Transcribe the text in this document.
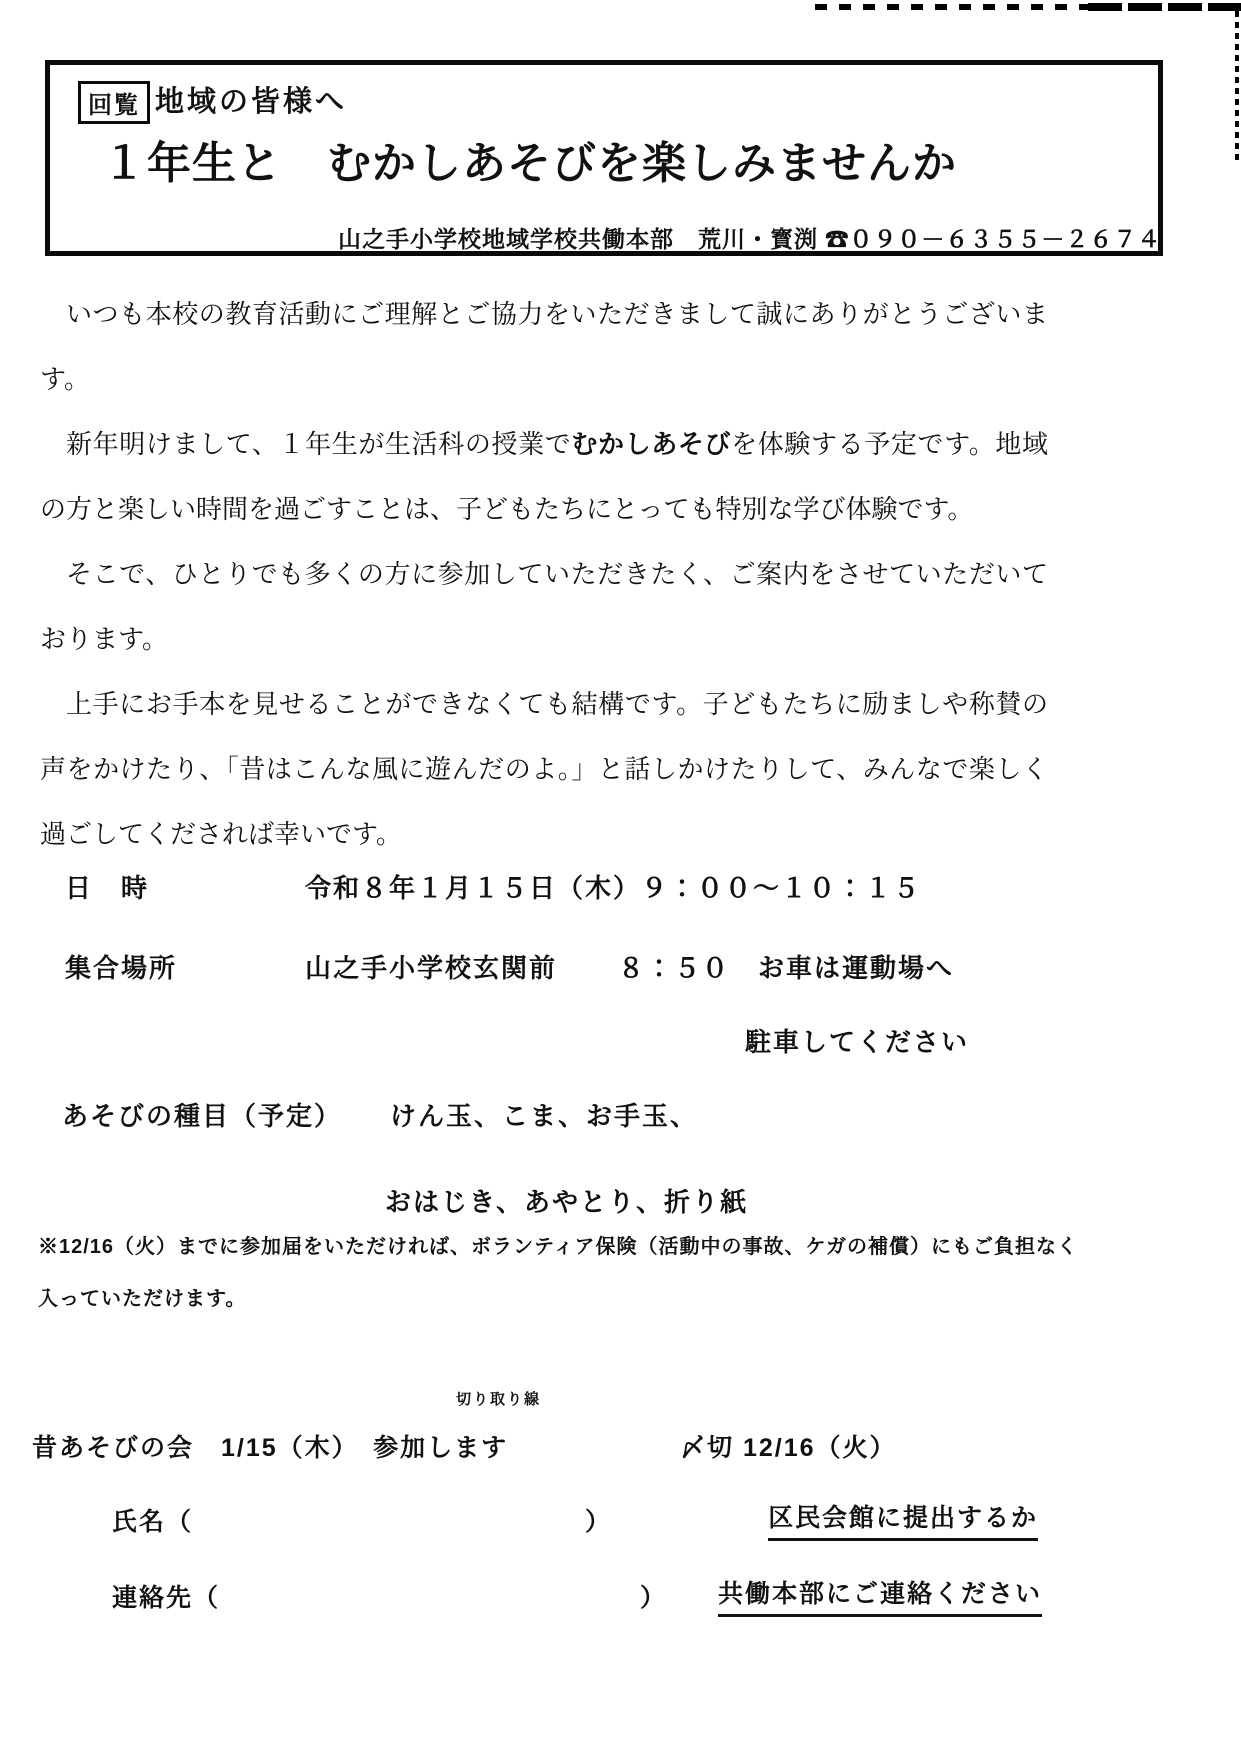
回覧 地域の皆様へ
１年生と　むかしあそびを楽しみませんか
山之手小学校地域学校共働本部　荒川・寳渕 ☎０９０－６３５５－２６７４

いつも本校の教育活動にご理解とご協力をいただきまして誠にありがとうございます。

新年明けまして、１年生が生活科の授業でむかしあそびを体験する予定です。地域の方と楽しい時間を過ごすことは、子どもたちにとっても特別な学び体験です。

そこで、ひとりでも多くの方に参加していただきたく、ご案内をさせていただいております。

上手にお手本を見せることができなくても結構です。子どもたちに励ましや称賛の声をかけたり、「昔はこんな風に遊んだのよ。」と話しかけたりして、みんなで楽しく過ごしてくだされば幸いです。

日　時	令和８年１月１５日（木）９：００～１０：１５
集合場所	山之手小学校玄関前 ８：５０　お車は運動場へ
駐車してください
あそびの種目（予定） けん玉、こま、お手玉、
おはじき、あやとり、折り紙
※12/16（火）までに参加届をいただければ、ボランティア保険（活動中の事故、ケガの補償）にもご負担なく
入っていただけます。
切り取り線
昔あそびの会　1/15（木）　参加します	〆切 12/16（火）
氏名（	）	区民会館に提出するか
連絡先（	） 共働本部にご連絡ください
